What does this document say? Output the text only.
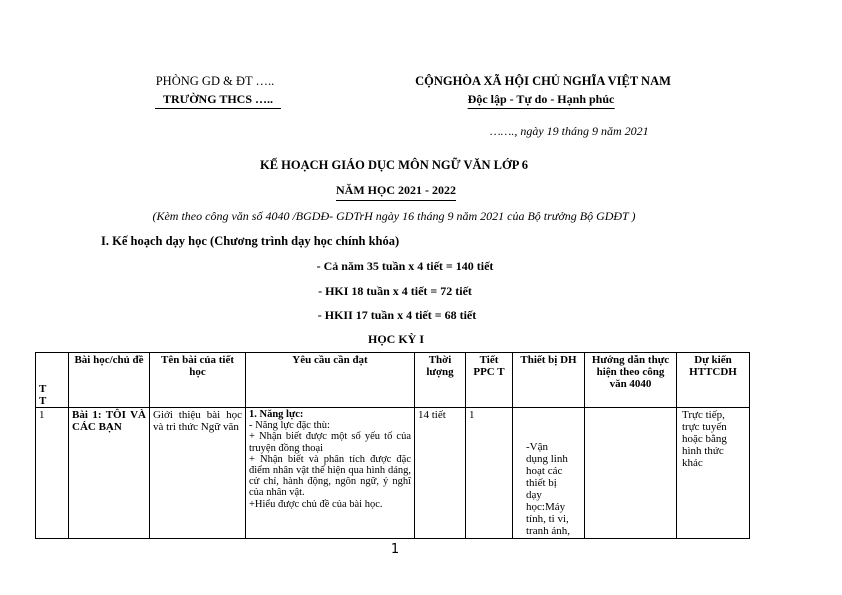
PHÒNG GD & ĐT …..
TRƯỜNG THCS …..
CỘNGHÒA XÃ HỘI CHỦ NGHĨA VIỆT NAM
Độc lập - Tự do - Hạnh phúc
……., ngày 19 tháng 9 năm 2021
KẾ HOẠCH GIÁO DỤC MÔN NGỮ VĂN LỚP 6
NĂM HỌC 2021 - 2022
(Kèm theo công văn số 4040 /BGDĐ- GDTrH ngày 16 tháng 9 năm 2021 của Bộ trưởng Bộ GDĐT )
I. Kế hoạch dạy học (Chương trình dạy học chính khóa)
- Cả năm 35 tuần x 4 tiết = 140 tiết
- HKI 18 tuần x 4 tiết = 72 tiết
- HKII 17 tuần x 4 tiết = 68 tiết
HỌC KỲ I
T T	Bài học/chủ đề	Tên bài của tiết học	Yêu cầu cần đạt	Thời lượng	Tiết PPC T	Thiết bị DH	Hướng dẫn thực hiện theo công văn 4040	Dự kiến HTTCDH
1	Bài 1: TÔI VÀ CÁC BẠN	Giới thiệu bài học và tri thức Ngữ văn	1. Năng lực:
- Năng lực đặc thù:
+ Nhận biết được một số yếu tố của truyện đồng thoại
+ Nhận biết và phân tích được đặc điểm nhân vật thể hiện qua hình dáng, cử chỉ, hành động, ngôn ngữ, ý nghĩ của nhân vật.
+Hiểu được chủ đề của bài học.	14 tiết	1	-Vận dụng linh hoạt các thiết bị dạy học:Máy tính, ti vi, tranh ảnh,		Trực tiếp, trực tuyến hoặc bằng hình thức khác
1
